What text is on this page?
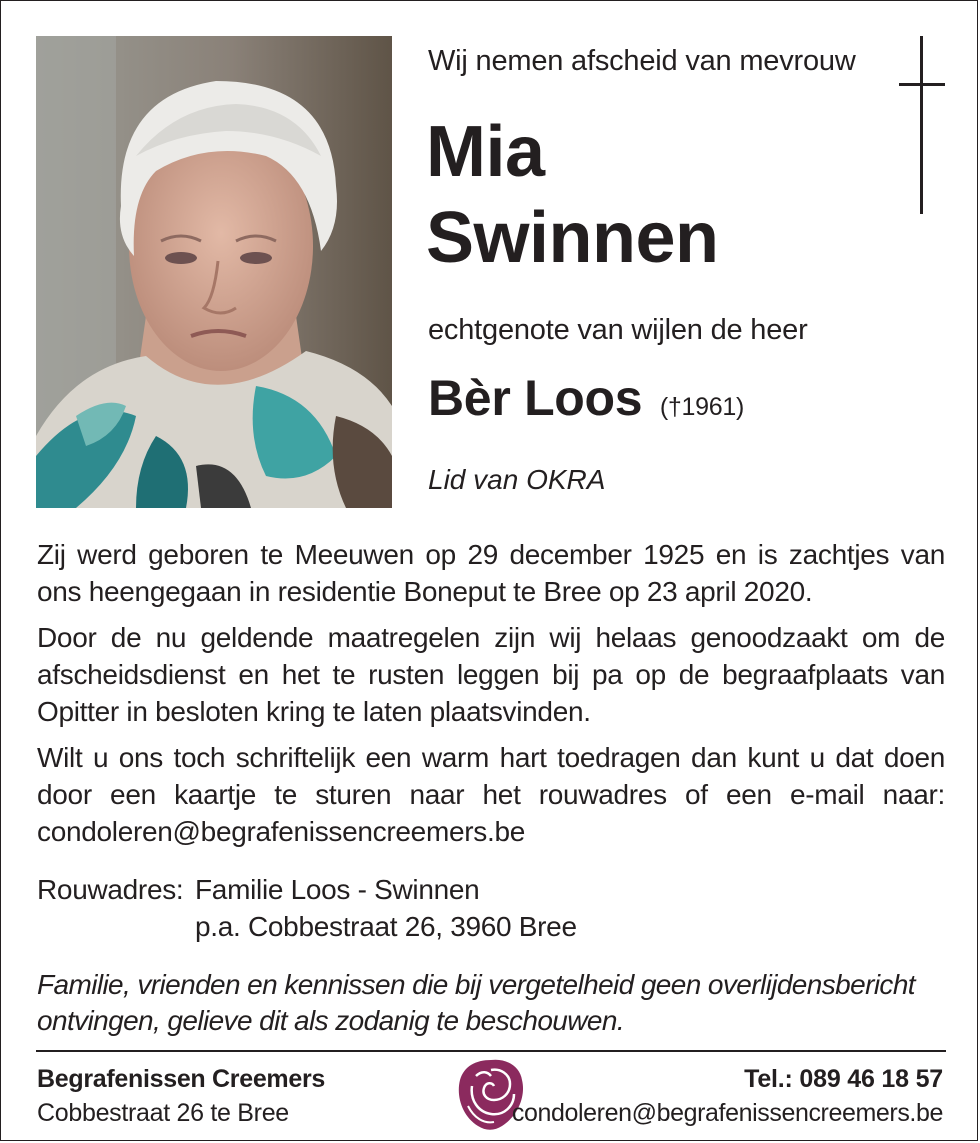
Wij nemen afscheid van mevrouw
Mia
Swinnen
echtgenote van wijlen de heer
Bèr Loos (†1961)
Lid van OKRA

Zij werd geboren te Meeuwen op 29 december 1925 en is zachtjes van ons heengegaan in residentie Boneput te Bree op 23 april 2020.

Door de nu geldende maatregelen zijn wij helaas genoodzaakt om de afscheidsdienst en het te rusten leggen bij pa op de begraafplaats van Opitter in besloten kring te laten plaatsvinden.

Wilt u ons toch schriftelijk een warm hart toedragen dan kunt u dat doen door een kaartje te sturen naar het rouwadres of een e-mail naar: condoleren@begrafenissencreemers.be

Rouwadres: Familie Loos - Swinnen
p.a. Cobbestraat 26, 3960 Bree
Familie, vrienden en kennissen die bij vergetelheid geen overlijdensbericht ontvingen, gelieve dit als zodanig te beschouwen.
Begrafenissen Creemers
Cobbestraat 26 te Bree
Tel.: 089 46 18 57
condoleren@begrafenissencreemers.be
